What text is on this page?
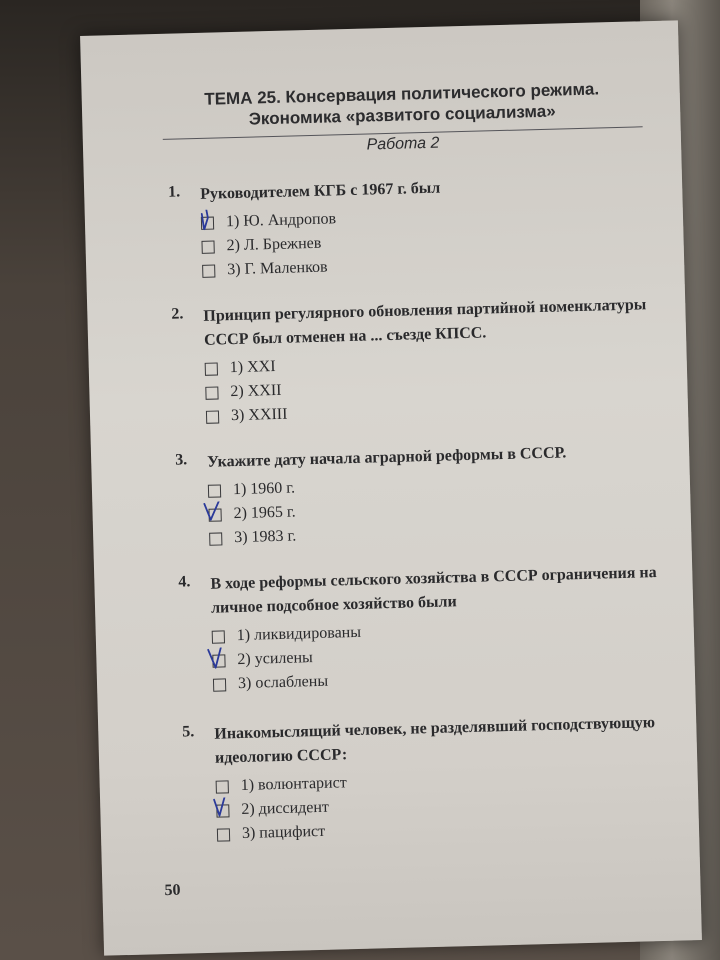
ТЕМА 25. Консервация политического режима.
Экономика «развитого социализма»
Работа 2
1. Руководителем КГБ с 1967 г. был
1) Ю. Андропов
2) Л. Брежнев
3) Г. Маленков
2. Принцип регулярного обновления партийной номенклатуры СССР был отменен на ... съезде КПСС.
1) XXI
2) XXII
3) XXIII
3. Укажите дату начала аграрной реформы в СССР.
1) 1960 г.
2) 1965 г.
3) 1983 г.
4. В ходе реформы сельского хозяйства в СССР ограничения на личное подсобное хозяйство были
1) ликвидированы
2) усилены
3) ослаблены
5. Инакомыслящий человек, не разделявший господствующую идеологию СССР:
1) волюнтарист
2) диссидент
3) пацифист
50
